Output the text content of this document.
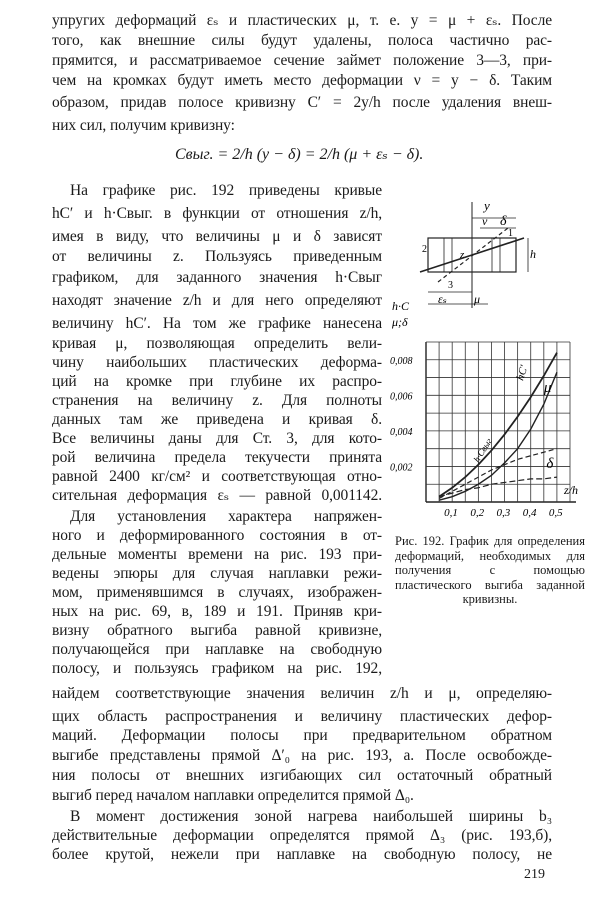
упругих деформаций εₛ и пластических μ, т. е. y = μ + εₛ. После
того, как внешние силы будут удалены, полоса частично рас-
прямится, и рассматриваемое сечение займет положение 3—3, при-
чем на кромках будут иметь место деформации ν = y − δ. Таким
образом, придав полосе кривизну C′ = 2y/h после удаления внеш-
них сил, получим кривизну:
Cвыг. = 2/h (y − δ) = 2/h (μ + εₛ − δ).
На графике рис. 192 приведены кривые
hC′ и h·Cвыг. в функции от отношения z/h,
имея в виду, что величины μ и δ зависят
от величины z. Пользуясь приведенным
графиком, для заданного значения h·Cвыг
находят значение z/h и для него определяют
величину hC′. На том же графике нанесена
кривая μ, позволяющая определить вели-
чину наибольших пластических деформа-
ций на кромке при глубине их распро-
странения на величину z. Для полноты
данных там же приведена и кривая δ.
Все величины даны для Ст. 3, для кото-
рой величина предела текучести принята
равной 2400 кг/см² и соответствующая отно-
сительная деформация εₛ — равной 0,001142.
Для установления характера напряжен-
ного и деформированного состояния в от-
дельные моменты времени на рис. 193 при-
ведены эпюры для случая наплавки режи-
мом, применявшимся в случаях, изображен-
ных на рис. 69, в, 189 и 191. Приняв кри-
визну обратного выгиба равной кривизне,
получающейся при наплавке на свободную
полосу, и пользуясь графиком на рис. 192,
найдем соответствующие значения величин z/h и μ, определяю-
щих область распространения и величину пластических дефор-
маций. Деформации полосы при предварительном обратном
выгибе представлены прямой Δ′₀ на рис. 193, а. После освобожде-
ния полосы от внешних изгибающих сил остаточный обратный
выгиб перед началом наплавки определится прямой Δ₀.
В момент достижения зоной нагрева наибольшей ширины b₃
действительные деформации определятся прямой Δ₃ (рис. 193,б),
более крутой, нежели при наплавке на свободную полосу, не
y
ν δ
h
z
2
3
1
εₛ μ
h·C
μ;δ
z/h
0,1 0,2 0,3 0,4 0,5
0,002
0,004
0,006
0,008
hC′
μ
h·Cвыг
δ
Рис. 192. График для определения деформаций, необходимых для получения с помощью пластического выгиба заданной кривизны.
219
